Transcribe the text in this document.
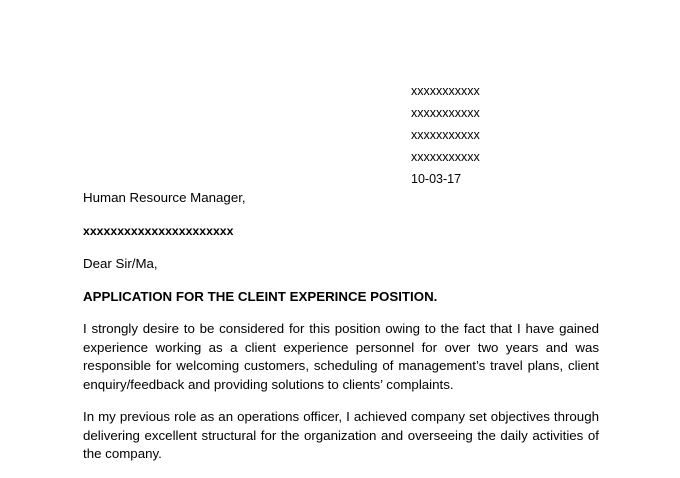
xxxxxxxxxxx
xxxxxxxxxxx
xxxxxxxxxxx
xxxxxxxxxxx
10-03-17

Human Resource Manager,

xxxxxxxxxxxxxxxxxxxxxx

Dear Sir/Ma,

APPLICATION FOR THE CLEINT EXPERINCE POSITION.

I strongly desire to be considered for this position owing to the fact that I have gained experience working as a client experience personnel for over two years and was responsible for welcoming customers, scheduling of management’s travel plans, client enquiry/feedback and providing solutions to clients’ complaints.

In my previous role as an operations officer, I achieved company set objectives through delivering excellent structural for the organization and overseeing the daily activities of the company.
